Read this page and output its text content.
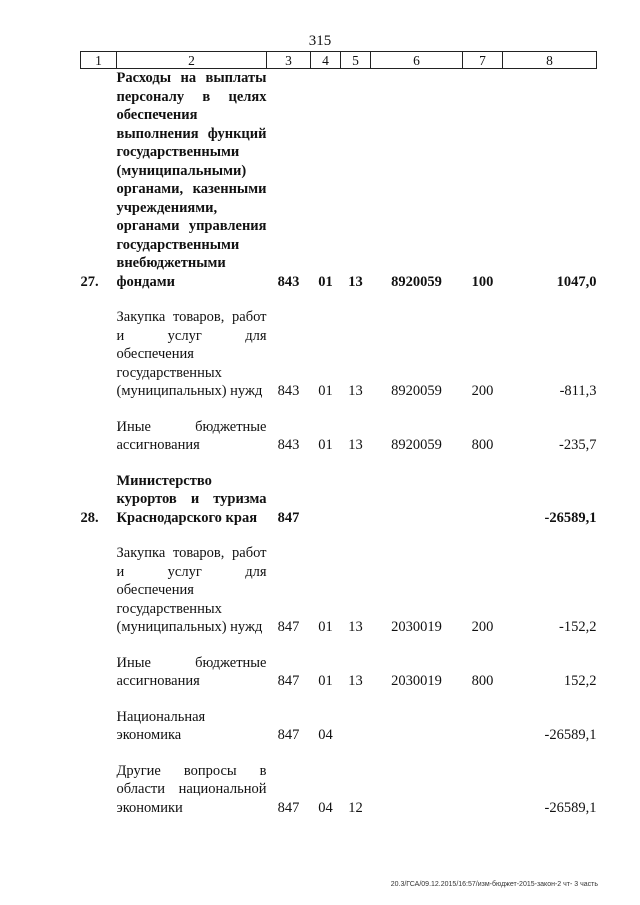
315
1	2	3	4	5	6	7	8
27.	Расходы на выплаты персоналу в целях обеспечения выполнения функций государственными (муниципальными) органами, казенными учреждениями, органами управления государственными внебюджетными фондами	843	01	13	8920059	100	1047,0

	Закупка товаров, работ и услуг для обеспечения государственных (муниципальных) нужд	843	01	13	8920059	200	-811,3

	Иные бюджетные ассигнования	843	01	13	8920059	800	-235,7

28.	Министерство курортов и туризма Краснодарского края	847					-26589,1

	Закупка товаров, работ и услуг для обеспечения государственных (муниципальных) нужд	847	01	13	2030019	200	-152,2

	Иные бюджетные ассигнования	847	01	13	2030019	800	152,2

	Национальная экономика	847	04				-26589,1

	Другие вопросы в области национальной экономики	847	04	12			-26589,1
20.3/ГСА/09.12.2015/16:57/изм-бюджет-2015-закон-2 чт- 3 часть
